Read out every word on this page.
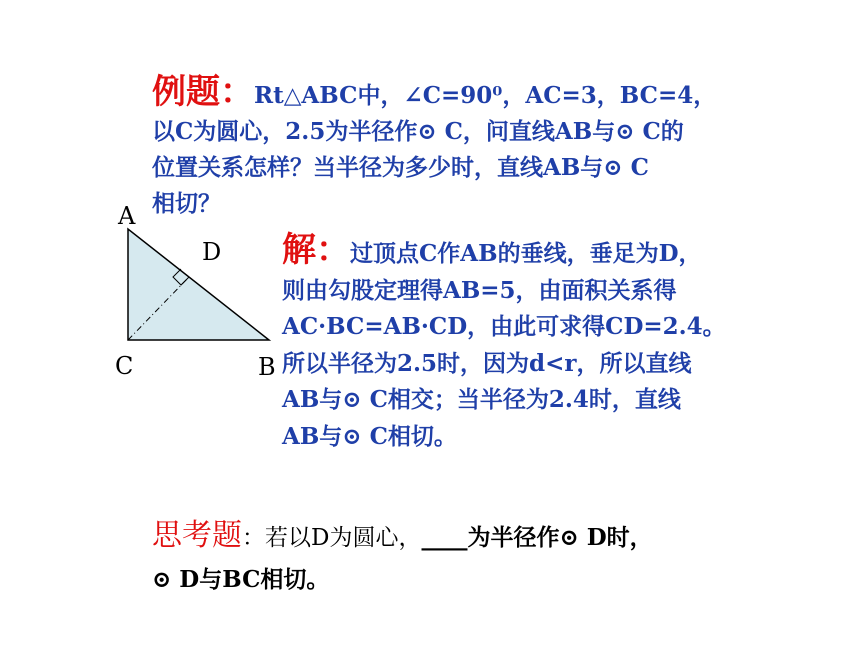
例题：Rt△ABC中，∠C=90⁰，AC=3，BC=4，
以C为圆心，2.5为半径作⊙ C，问直线AB与⊙ C的
位置关系怎样？当半径为多少时，直线AB与⊙ C
相切？
A
D
C	B
解：过顶点C作AB的垂线，垂足为D，
则由勾股定理得AB=5，由面积关系得
AC·BC=AB·CD，由此可求得CD=2.4。
所以半径为2.5时，因为d<r，所以直线
AB与⊙ C相交；当半径为2.4时，直线
AB与⊙ C相切。
思考题：若以D为圆心，____为半径作⊙ D时，
⊙ D与BC相切。
